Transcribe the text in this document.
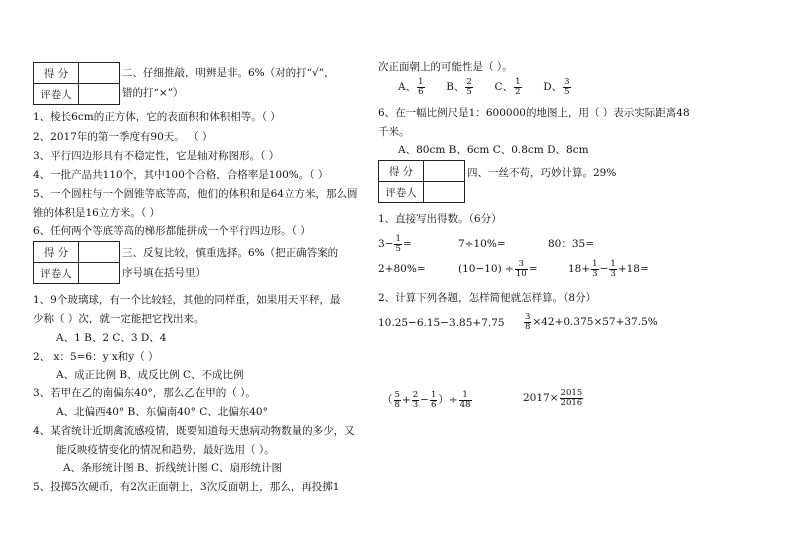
得 分	
评卷人	
二、仔细推敲，明辨是非。6%（对的打“√”，
错的打“×”）
1、棱长6cm的正方体，它的表面积和体积相等。（ ）
2、2017年的第一季度有90天。 （ ）
3、平行四边形具有不稳定性，它是轴对称图形。（ ）
4、一批产品共110个，其中100个合格，合格率是100%。（ ）
5、一个圆柱与一个圆锥等底等高，他们的体积和是64立方米，那么圆
锥的体积是16立方米。（ ）
6、任何两个等底等高的梯形都能拼成一个平行四边形。（ ）
得 分	
评卷人	
三、反复比较，慎重选择。6%（把正确答案的
序号填在括号里）
1、9个玻璃球，有一个比较轻，其他的同样重，如果用天平秤，最
少称（ ）次，就一定能把它找出来。
A、1 B、2 C、3 D、4
2、 x：5=6：y x和y（ ）
A、成正比例 B、成反比例 C、不成比例
3、若甲在乙的南偏东40°，那么乙在甲的（ ）。
A、北偏西40° B、东偏南40° C、北偏东40°
4、某省统计近期禽流感疫情，既要知道每天患病动物数量的多少，又
能反映疫情变化的情况和趋势，最好选用（ ）。
A、条形统计图 B、折线统计图 C、扇形统计图
5、投掷5次硬币，有2次正面朝上，3次反面朝上，那么，再投掷1
次正面朝上的可能性是（ ）。
A、 $\frac{1}{6}$ B、 $\frac{2}{5}$ C、 $\frac{1}{2}$ D、 $\frac{3}{5}$
6、在一幅比例尺是1：600000的地图上，用（ ）表示实际距离48
千米。
A、80cm B、6cm C、0.8cm D、8cm
得 分	
评卷人	
四、一丝不苟，巧妙计算。29%
1、直接写出得数。（6分）
$3- \frac{1}{5}$ =	7÷10%=	80：35=
2+80%=	$(10-10) \div \frac{3}{10}$ =	$18+ \frac{1}{3} - \frac{1}{3} +18=$
2、计算下列各题，怎样简便就怎样算。（8分）
$10.25-6.15-3.85+7.75 \frac{3}{8} \times 42+0.375\times 57+37.5\%$
（ $\frac{5}{8} + \frac{2}{3} - \frac{1}{6}$ ）÷ $\frac{1}{48}$	$2017\times \frac{2015}{2016}$
